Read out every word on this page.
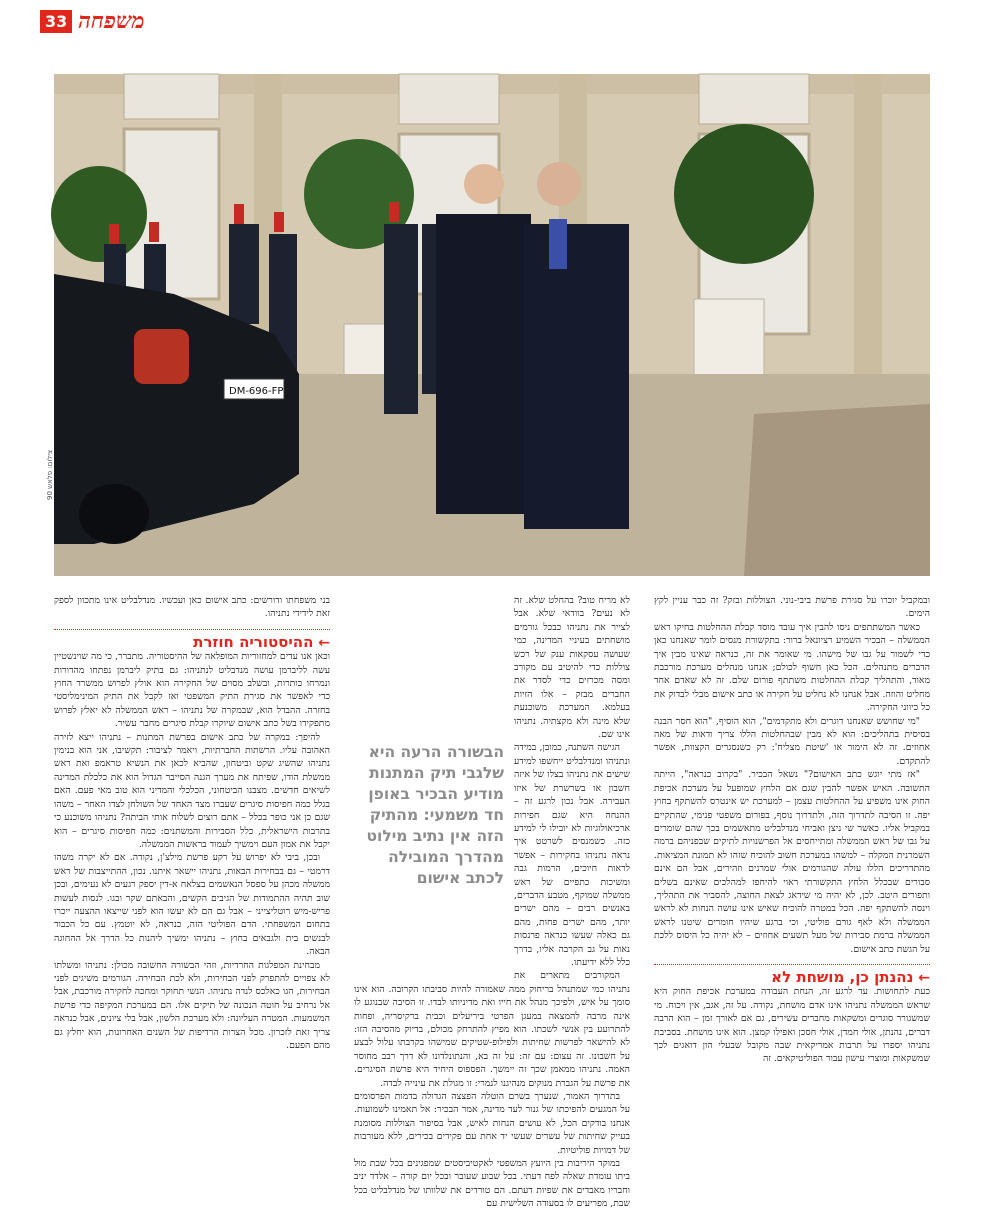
33 משפחה
DM-696-FP
צילום: פלאש 90

ובמקביל יוכרו על סגירת פרשת ביבי-נוני. הצוללות ובזק? זה כבר עניין לקץ הימים.

כאשר המשתתפים ניסו להבין איך עובד מוסד קבלת ההחלטות בחיקו ראש הממשלה – הבכיר השמיע רציונאל ברור: בתקשורת מנסים לומר שאנחנו כאן כדי לשמור על גבו של מישהו. מי שאומר את זה, כנראה שאינו מבין איך הדברים מתנהלים. הכל כאן חשוף לכולם; אנחנו מנהלים מערכת מורכבת מאוד, והתהליך קבלת ההחלטות משתתף פורום שלם. זה לא שאדם אחד מחליט והוזה. אבל אנחנו לא נחליט על חקירה או כתב אישום מבלי לבדוק את כל כיווני החקירה.

"מי שחושש שאנחנו דוגרים ולא מתקדמים", הוא הוסיף, "הוא חסר הבנה בסיסית בתהליכים: הוא לא מבין שבהחלטות הללו צריך ודאות של מאה אחוזים. זה לא הימור או 'שיטת מצליח': רק כשנסגרים הקצוות, אפשר להתקדם.

"אז מתי יוגש כתב האישום?" נשאל הבכיר. "בקרוב כנראה", הייתה התשובה. האיש אפשר להבין שגם אם הלחץ שמופעל על מערכת אכיפת החוק אינו משפיע על ההחלטות עצמן – למערכת יש אינטרס להשתקף בחוץ יפה. זו הסיבה לתדרוך הזה, ולתדרוך נוסף, בפורום משפטי פנימי, שהתקיים במקביל אליו. כאשר שי ניצן ואביחי מנדלבליט מתאשמים בכך שהם שומרים על גבו של ראש הממשלה ומתייחסים אל הפרשנויות לתיקים שבפניהם ברמה השמרנית המקלה – למשהו במערכת חשוב להוכיח שזהו לא תמונת המציאות. מהתדריכים הללו עולה שהגורמים אולי שמרנים וזהירים, אבל הם אינם סבורים שבכלל הלחץ התקשורתי ראוי להיחפז למהלכים שאינם בשלים ותפורים היטב. לכן, לא יהיה מי שידאג לצאת החוצה, להסביר את התהליך, וינסה להשתקף יפה. הכל במטרה להוכיח שאיש אינו עושה הנחות לא לראש הממשלה ולא לאף גורם פוליטי, וכי ברגע שיהיו חומרים שיטנו לראש הממשלה ברמת סבירות של מעל תשעים אחוזים – לא יהיה כל היסוס ללכת על הגשת כתב אישום.

← נהנתן כן, מושחת לא

כעת לתחושות. עד לרגע זה, הנחת העבודה במערכת אכיפת החוק היא שראש הממשלה נתניהו אינו אדם מושחת, נקודה. על זה, אגב, אין ויכוח. מי שמשגורר סוגרים ומשקאות מחברים עשירים, גם אם לאורך זמן – הוא הרבה דברים, נהנתן, אולי חמדן, אולי חסכן ואפילו קמצן. הוא אינו מושחת. בסביבת נתניהו יספרו על תרבות אמריקאית שבה מקובל שבעלי הון דואגים לכך שמשקאות ומוצרי עישון עבור הפוליטיקאים. זה

לא מריח טוב? בהחלט שלא. זה לא נעים? בוודאי שלא. אבל לצייר את נתניהו כבכל גורמים מושחתים בעיניי המדינה, כמי שעושה עסקאות ענק של רכש צוללות כדי להיטיב עם מקורב ומסה מכרזים כדי לסדר את החברים מבזק – אלו הזיות בעלמא. המערכת משוכנעת שלא מינה ולא מקצתיה. נתניהו אינו שם.

הגישה השתנה, כמובן, במידה ונתניהו ומנדלבליט ייחשפו למידע שישים את נתניהו בצלו של איזה חשבון או בשרשרת של איזו העבירה. אבל נכון לרגע זה – ההנחה היא שגם חפירות ארכיאולוגיות לא יובילו לי למידע כזה. כשמנסים לשרטט איך נראה נתניהו בחקירות – אפשר לראות חיוכים, הרמות גבה ומשיכות כתפיים של ראש ממשלה שמוקף, מטבע הדברים, באנשים רבים – מהם ישרים יותר, מהם ישרים פחות, מהם גם כאלה שעשו כנראה פרנסות נאות על גב הקרבה אליו, בדרך כלל ללא ידיעתו.

המקורבים מתארים את נתניהו כמי שמתנהל בריחוק ממה שאמורה להיות סביבתו הקרובה. הוא אינו סומך על איש, ולפיכך מנהל את חייו ואת מדיניותו לבדו. זו הסיבה שבנוגע לו אינה מרבה להמצאה במעגן הפרטי ביריעלים וכבית ברקיסריה, ופחות להתרועע בין אנשי לשכתו. הוא מפיץ להתרחק מכולם, בדיוק מהסיבה הזו: לא להישאר לפרשות שחיתות ולפילופ-שטיקים שמישהו בקרבתו עלול לבצע על חשבונו. זה עצום: עם זה: על זה בא, והנתונלדונו לא דרך רבב מחוסר האמה. נתניהו ממאמן שכך זה יימשך. הפספוס היחיד היא פרשת הסיגרים. את פרשת על הגברת מנוקים מנהיגנו לנמרי: זו מגולת את עינייה לבדה.

בתדרוך האמור, שנערך בשרם הוטלה הפצצה הגדולה בדמות הפרסומים על המגעים להפיכתו של גנור לעד מדינה, אמר הבכיר: אל תאמינו לשמועות. אנחנו בודקים הכל, לא עושים הנחות לאיש, אבל בסיפור הצוללות מסומנת בעייק שחיתות של עשרים שעשי יד אחת עם פקידים בכירים, ללא מעורבות של דמויות פוליטיות.

במוקד היריבות בין היועץ המשפטי לאקטיביסטים שמפגינים בכל שבת מול ביתו עומדת שאלה לפח דעתי. בכל שבוע שעובר ובכל יום קורה – אלדד יניב וחבריו מאבדים את שפיות דעתם. הם טורדים את שלוותו של מנדלבליט בכל שבת, מפריעים לו בסעודה השלישית עם

הבשורה הרעה היא שלגבי תיק המתנות מודיע הבכיר באופן חד משמעי: מהתיק הזה אין נתיב מילוט מהדרך המובילה לכתב אישום

בני משפחתו ודורשים: כתב אישום כאן ועכשיו. מנדלבליט אינו מתכוון לספק זאת לידידי נתניהו.

← ההיסטוריה חוזרת

וכאן אנו עדים למחזוריות המופלאה של ההיסטוריה. מתברר, כי מה שוינשטיין עשה לליברמן עושה מנדבליט לנתניהו: גם בתיק ליברמן נפתחו מהדורות ונמרחו כותרות, ובשלב מסוים של החקירה הוא אולץ לפרוש ממשרד החוץ כדי לאפשר את סגירת התיק המשפטי ואז לקבל את התיק המינימליסטי בחזרה. ההבדל הוא, שבמקרה של נתניהו – ראש הממשלה לא יאלץ לפרוש מתפקידו בשל כתב אישום שיוקרו קבלת סיגרים מחבר עשיר.

להיפך: במקרה של כתב אישום בפרשת המתנות – נתניהו ייצא לזירה האהובה עליו. הרשתות החברתיות, ויאמר לציבור: תקשיבו, אני הוא בנימין נתניהו שהשיג שקט וביטחון, שהביא לכאן את הנשיא טראמפ ואת ראש ממשלת הודו, שפיתח את מערך הגנה הסייבר הגדול הוא את כלכלת המדינה לשיאים חדשים. מצבנו הביטחוני, הכלכלי והמדיני הוא טוב מאי פעם. האם בגלל כמה חפיסות סיגרים שעברו מצד האחד של השולחן לצדו האחר – משהו שגם כן אני כופר בכלל – אתם רוצים לשלוח אותי הביתה? נתניהו משוכנע כי בתרבות הישראלית, כלל הסבירות והמשתנים: כמה חפיסות סיגרים – הוא יקבל את אמון העם וימשיך לעמוד בראשות הממשלה.

ובכן, ביבי לא יפרוש על רקע פרשת מילצ'ן, נקודה. אם לא יקרה משהו דרמטי – גם בבחירות הבאות, נתניהו יישאר איתנו. נכון, ההתייצבות של ראש ממשלה מכהן על ספסל הנאשמים בצלאח א-דין יספק רגעים לא נעימים, ובכן שוב תהיה ההתמודות של הגיבים הקשים, והבאתם שקר ובגו. לנסות לעשות פריש-מיש רוטליצייני – אבל גם הם לא יעשו הוא לפני שייצאו ההצעה ייכרו בתחום המשפחתי. הדם הפוליטי הזה, כנראה, לא יוטמץ. עם כל הכבוד לבנשים בית ולגבאים בחוץ – נתניהו ימשיך ליהנות כל הדרך אל ההחוגה הבאה.

מבחינת המפלגות החרדיות, וזהי הבשורה החשובה מכולן: נתניהו ומשלתו לא צפויים להתפרק לפני הבחירות, ולא לכת הבחירה. הגורמים משיגים לפני הבחירות, הגו כאלכס לנדה נתניהו. הנשי תחוקר ומחכה לחקירה מורכבת, אבל אל נרחיב על חוטה הנכונה של תיקים אלו. הם במערכת המקיפה כדי פרשת המשמעות. המטרה העליונה: ולא מערכת הלשון, אבל בלי ציונים, אבל כנראה צריך זאת לזכרון. מכל הצרות הרדיפות של השנים האחרונות, הוא יחלץ גם מהם הפעם.
